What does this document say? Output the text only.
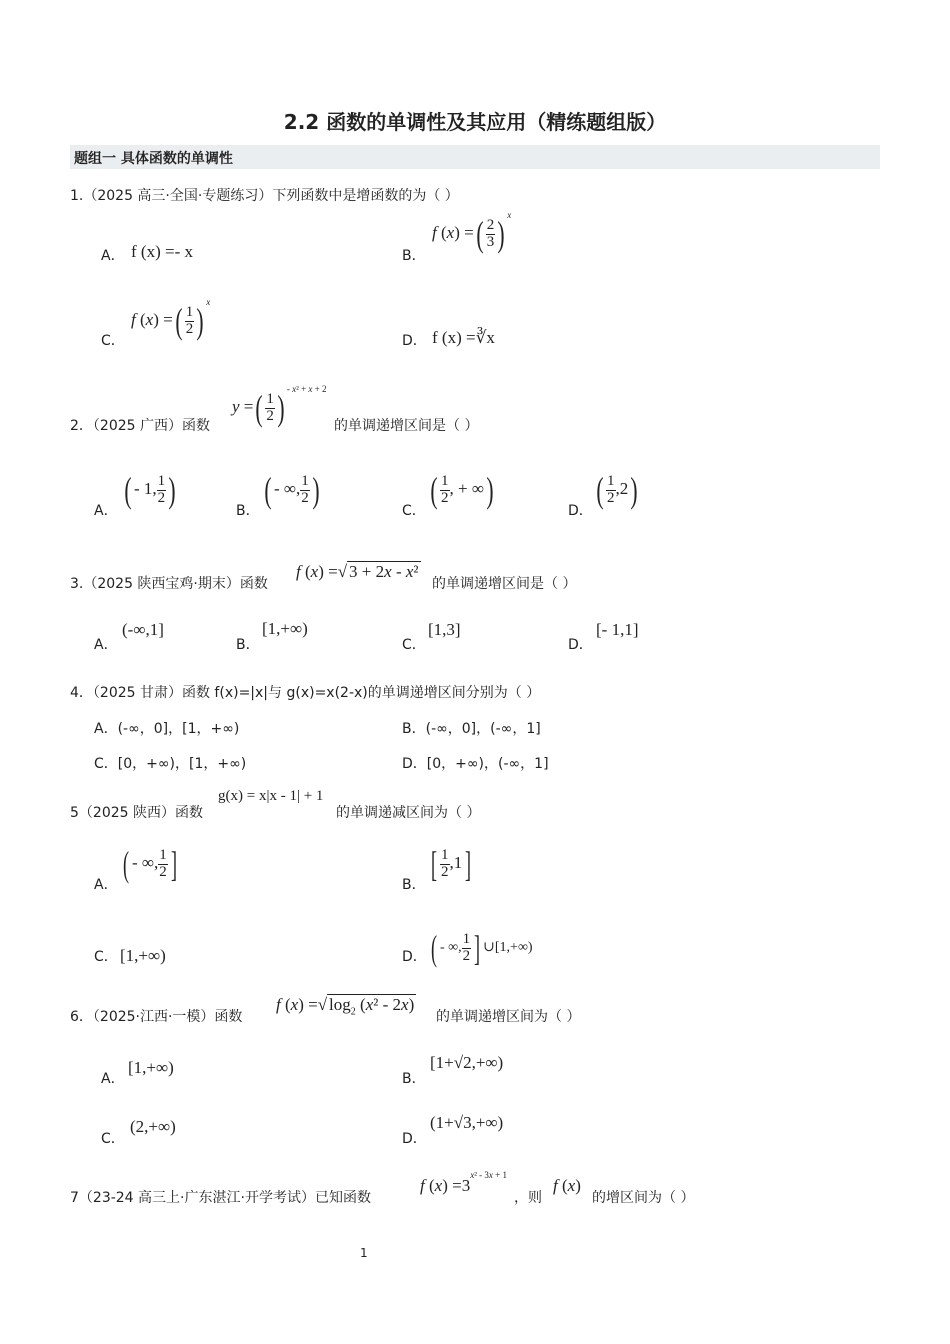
2.2 函数的单调性及其应用（精练题组版）
题组一 具体函数的单调性
1.（2025 高三·全国·专题练习）下列函数中是增函数的为（ ）
A． f (x) =- x	B．
f (x) =( $\frac{2}{3}$ ) $^x$
C．
f (x) =( $\frac{1}{2}$ ) $^x$
D． f (x) =∛x
2．（2025 广西）函数
y =( $\frac{1}{2}$ ) $^{- x^2 + x + 2}$
的单调递增区间是（ ）
A．
( - 1, $\frac{1}{2}$ )
B．
( - ∞, $\frac{1}{2}$ )
C．
( $\frac{1}{2}$ , + ∞)
D．
( $\frac{1}{2} ,2$)
3.（2025 陕西宝鸡·期末）函数
f (x) =√ 3 + 2x - x²
的单调递增区间是（ ）
A．
(-∞,1]
B．
[1,+∞)
C．
[1,3]
D．
[- 1,1]
4．（2025 甘肃）函数 f(x)=|x|与 g(x)=x(2-x)的单调递增区间分别为（ ）
A．(-∞，0]，[1，+∞)	B．(-∞，0]，(-∞，1]
C．[0，+∞)，[1，+∞)	D．[0，+∞)，(-∞，1]
5（2025 陕西）函数
g(x) = x|x - 1| + 1
的单调递减区间为（ ）
A．
( - ∞, $\frac{1}{2}$ ]
B．
[ $\frac{1}{2} ,1$]
C． [1,+∞)	D． ( - ∞, $\frac{1}{2}$ ] ∪[1,+∞)
6．（2025·江西·一模）函数
f (x) =√ $\log_2 (x^2 - 2x)$
的单调递增区间为（ ）
A．
[1,+∞)
B．
[1+√2,+∞)
C．
(2,+∞)
D．
(1+√3,+∞)
7（23-24 高三上·广东湛江·开学考试）已知函数
f $(x) =3^{x^2 - 3x + 1}$
，则
f (x)
的增区间为（ ）
1
